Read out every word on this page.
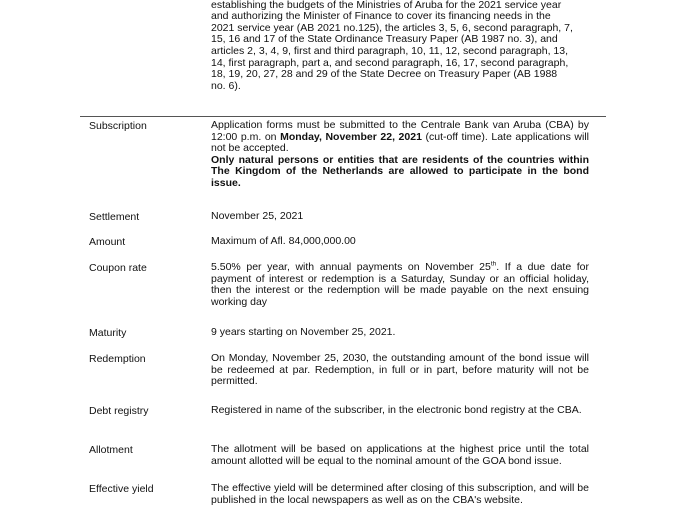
establishing the budgets of the Ministries of Aruba for the 2021 service year
and authorizing the Minister of Finance to cover its financing needs in the
2021 service year (AB 2021 no.125), the articles 3, 5, 6, second paragraph, 7,
15, 16 and 17 of the State Ordinance Treasury Paper (AB 1987 no. 3), and
articles 2, 3, 4, 9, first and third paragraph, 10, 11, 12, second paragraph, 13,
14, first paragraph, part a, and second paragraph, 16, 17, second paragraph,
18, 19, 20, 27, 28 and 29 of the State Decree on Treasury Paper (AB 1988
no. 6).
Subscription	Application forms must be submitted to the Centrale Bank van Aruba (CBA) by 12:00 p.m. on Monday, November 22, 2021 (cut-off time). Late applications will not be accepted.

Only natural persons or entities that are residents of the countries within The Kingdom of the Netherlands are allowed to participate in the bond issue.

Settlement	November 25, 2021
Amount	Maximum of Afl. 84,000,000.00
Coupon rate	5.50% per year, with annual payments on November 25th. If a due date for payment of interest or redemption is a Saturday, Sunday or an official holiday, then the interest or the redemption will be made payable on the next ensuing working day
Maturity	9 years starting on November 25, 2021.
Redemption	On Monday, November 25, 2030, the outstanding amount of the bond issue will be redeemed at par. Redemption, in full or in part, before maturity will not be permitted.
Debt registry	Registered in name of the subscriber, in the electronic bond registry at the CBA.
Allotment	The allotment will be based on applications at the highest price until the total amount allotted will be equal to the nominal amount of the GOA bond issue.
Effective yield	The effective yield will be determined after closing of this subscription, and will be published in the local newspapers as well as on the CBA's website.
